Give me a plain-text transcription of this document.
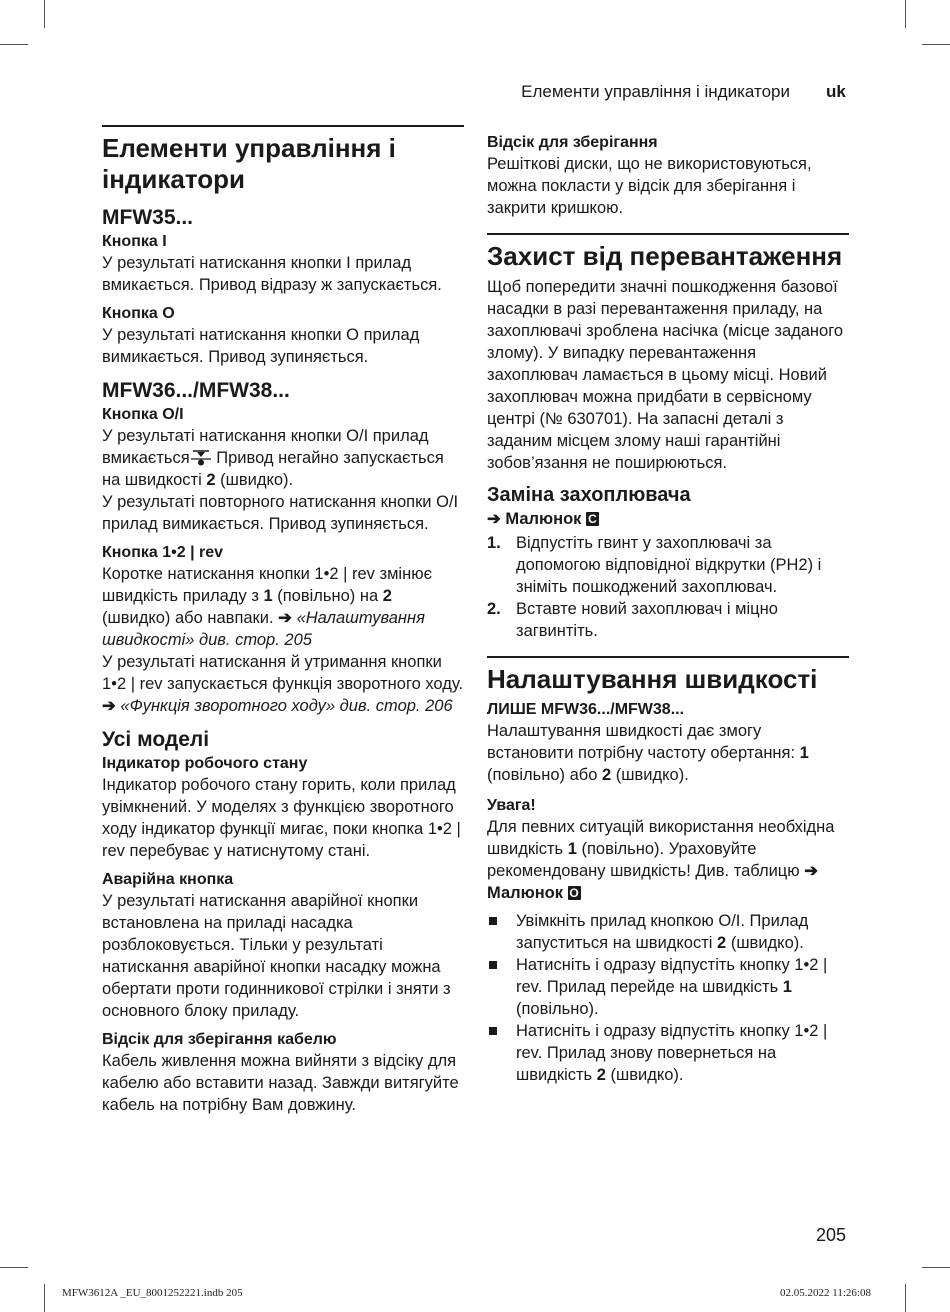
Елементи управління і індикатори uk
Елементи управління і індикатори
MFW35...
Кнопка I
У результаті натискання кнопки I прилад вмикається. Привод відразу ж запускається.
Кнопка O
У результаті натискання кнопки O прилад вимикається. Привод зупиняється.
MFW36.../MFW38...
Кнопка O/I
У результаті натискання кнопки O/I прилад вмикається Привод негайно запускається на швидкості 2 (швидко).
У результаті повторного натискання кнопки O/I прилад вимикається. Привод зупиняється.
Кнопка 1•2 | rev
Коротке натискання кнопки 1•2 | rev змінює швидкість приладу з 1 (повільно) на 2 (швидко) або навпаки. ➔ «Налаштування швидкості» див. стор. 205
У результаті натискання й утримання кнопки 1•2 | rev запускається функція зворотного ходу. ➔ «Функція зворотного ходу» див. стор. 206
Усі моделі
Індикатор робочого стану
Індикатор робочого стану горить, коли прилад увімкнений. У моделях з функцією зворотного ходу індикатор функції мигає, поки кнопка 1•2 | rev перебуває у натиснутому стані.
Аварійна кнопка
У результаті натискання аварійної кнопки встановлена на приладі насадка розблоковується. Тільки у результаті натискання аварійної кнопки насадку можна обертати проти годинникової стрілки і зняти з основного блоку приладу.
Відсік для зберігання кабелю
Кабель живлення можна вийняти з відсіку для кабелю або вставити назад. Завжди витягуйте кабель на потрібну Вам довжину.
Відсік для зберігання
Решіткові диски, що не використовуються, можна покласти у відсік для зберігання і закрити кришкою.
Захист від перевантаження
Щоб попередити значні пошкодження базової насадки в разі перевантаження приладу, на захоплювачі зроблена насічка (місце заданого злому). У випадку перевантаження захоплювач ламається в цьому місці. Новий захоплювач можна придбати в сервісному центрі (№ 630701). На запасні деталі з заданим місцем злому наші гарантійні зобов’язання не поширюються.
Заміна захоплювача
➔ Малюнок C
1. Відпустіть гвинт у захоплювачі за допомогою відповідної відкрутки (PH2) і зніміть пошкоджений захоплювач.
2. Вставте новий захоплювач і міцно загвинтіть.
Налаштування швидкості
ЛИШЕ MFW36.../MFW38...
Налаштування швидкості дає змогу встановити потрібну частоту обертання: 1 (повільно) або 2 (швидко).
Увага!
Для певних ситуацій використання необхідна швидкість 1 (повільно). Ураховуйте рекомендовану швидкість! Див. таблицю ➔ Малюнок O
Увімкніть прилад кнопкою O/I. Прилад запуститься на швидкості 2 (швидко).
Натисніть і одразу відпустіть кнопку 1•2 | rev. Прилад перейде на швидкість 1 (повільно).
Натисніть і одразу відпустіть кнопку 1•2 | rev. Прилад знову повернеться на швидкість 2 (швидко).
205
MFW3612A _EU_8001252221.indb 205	02.05.2022 11:26:08
